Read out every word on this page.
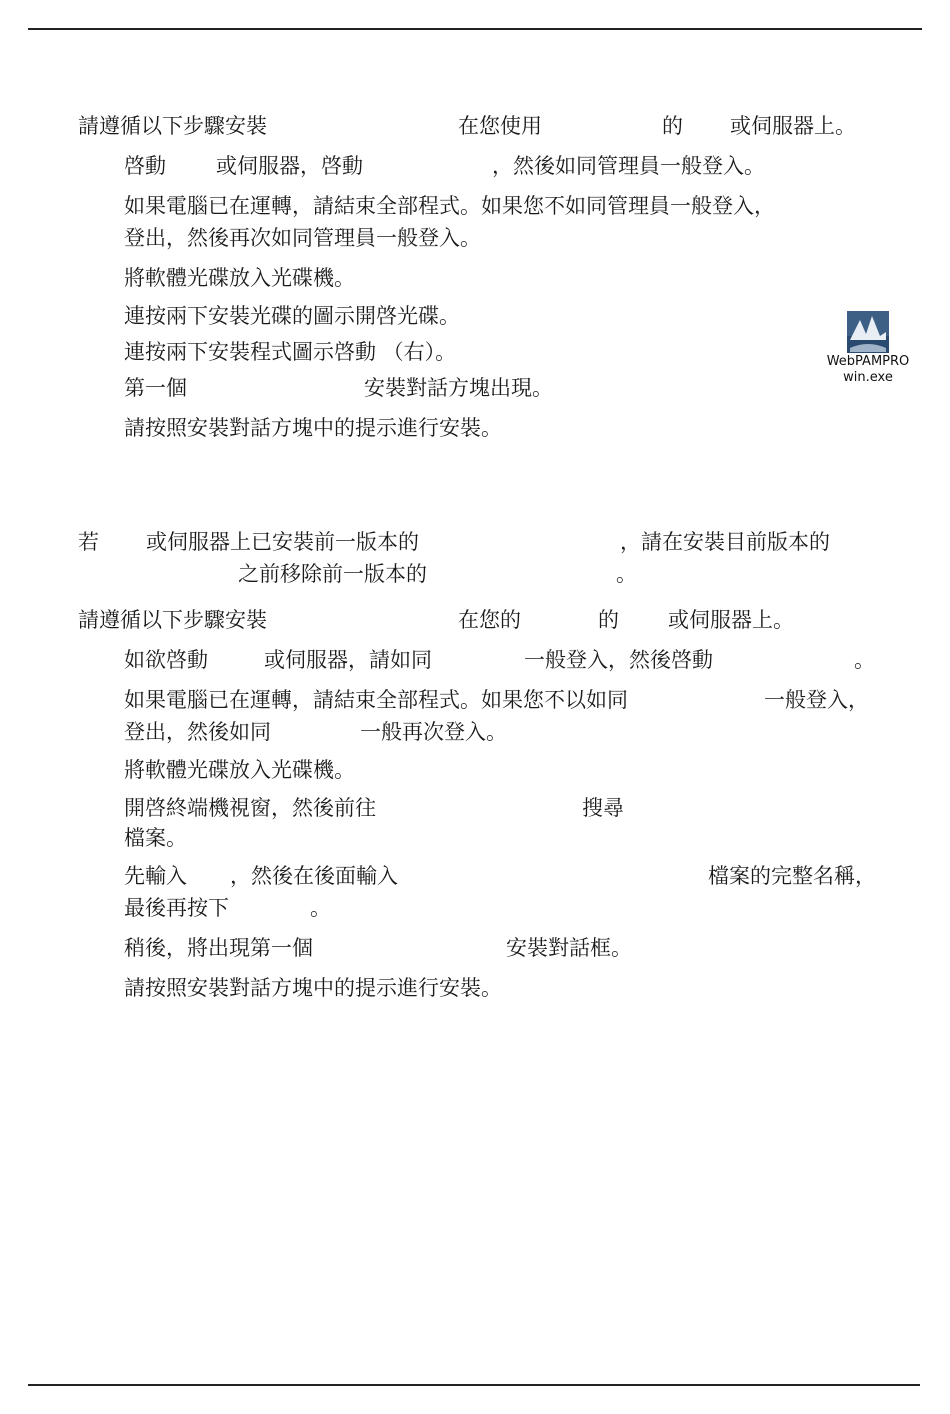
請遵循以下步驟安裝	在您使用	的 或伺服器上。
啓動 或伺服器，啓動	，然後如同管理員一般登入。
如果電腦已在運轉，請結束全部程式。如果您不如同管理員一般登入，
登出，然後再次如同管理員一般登入。
將軟體光碟放入光碟機。
連按兩下安裝光碟的圖示開啓光碟。
連按兩下安裝程式圖示啓動 （右）。
第一個	安裝對話方塊出現。
請按照安裝對話方塊中的提示進行安裝。
WebPAMPRO
win.exe
若 或伺服器上已安裝前一版本的	，請在安裝目前版本的
之前移除前一版本的	。
請遵循以下步驟安裝	在您的	的 或伺服器上。
如欲啓動	或伺服器，請如同	一般登入，然後啓動	。
如果電腦已在運轉，請結束全部程式。如果您不以如同	一般登入，
登出，然後如同	一般再次登入。
將軟體光碟放入光碟機。
開啓終端機視窗，然後前往	搜尋
檔案。
先輸入 ，然後在後面輸入	檔案的完整名稱，
最後再按下	。
稍後，將出現第一個	安裝對話框。
請按照安裝對話方塊中的提示進行安裝。
